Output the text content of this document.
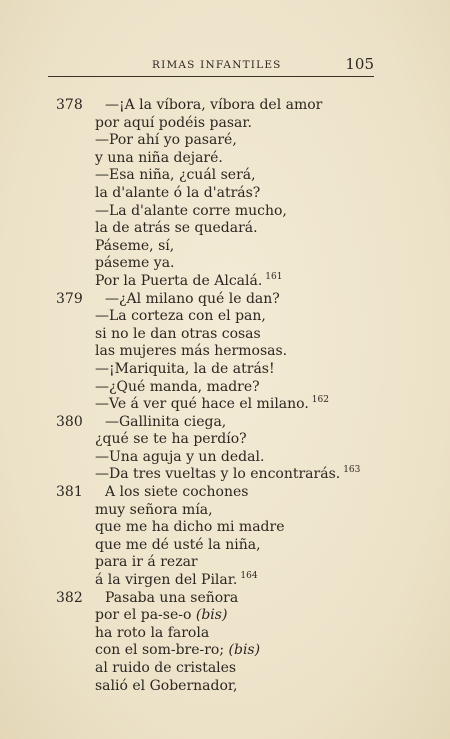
RIMAS INFANTILES	105
378 —¡A la víbora, víbora del amor
por aquí podéis pasar.
—Por ahí yo pasaré,
y una niña dejaré.
—Esa niña, ¿cuál será,
la d'alante ó la d'atrás?
—La d'alante corre mucho,
la de atrás se quedará.
Páseme, sí,
páseme ya.
Por la Puerta de Alcalá. $^{161}$
379 —¿Al milano qué le dan?
—La corteza con el pan,
si no le dan otras cosas
las mujeres más hermosas.
—¡Mariquita, la de atrás!
—¿Qué manda, madre?
—Ve á ver qué hace el milano. $^{162}$
380 —Gallinita ciega,
¿qué se te ha perdío?
—Una aguja y un dedal.
—Da tres vueltas y lo encontrarás. $^{163}$
381 A los siete cochones
muy señora mía,
que me ha dicho mi madre
que me dé usté la niña,
para ir á rezar
á la virgen del Pilar. $^{164}$
382 Pasaba una señora
por el pa-se-o (bis)
ha roto la farola
con el som-bre-ro; (bis)
al ruido de cristales
salió el Gobernador,
